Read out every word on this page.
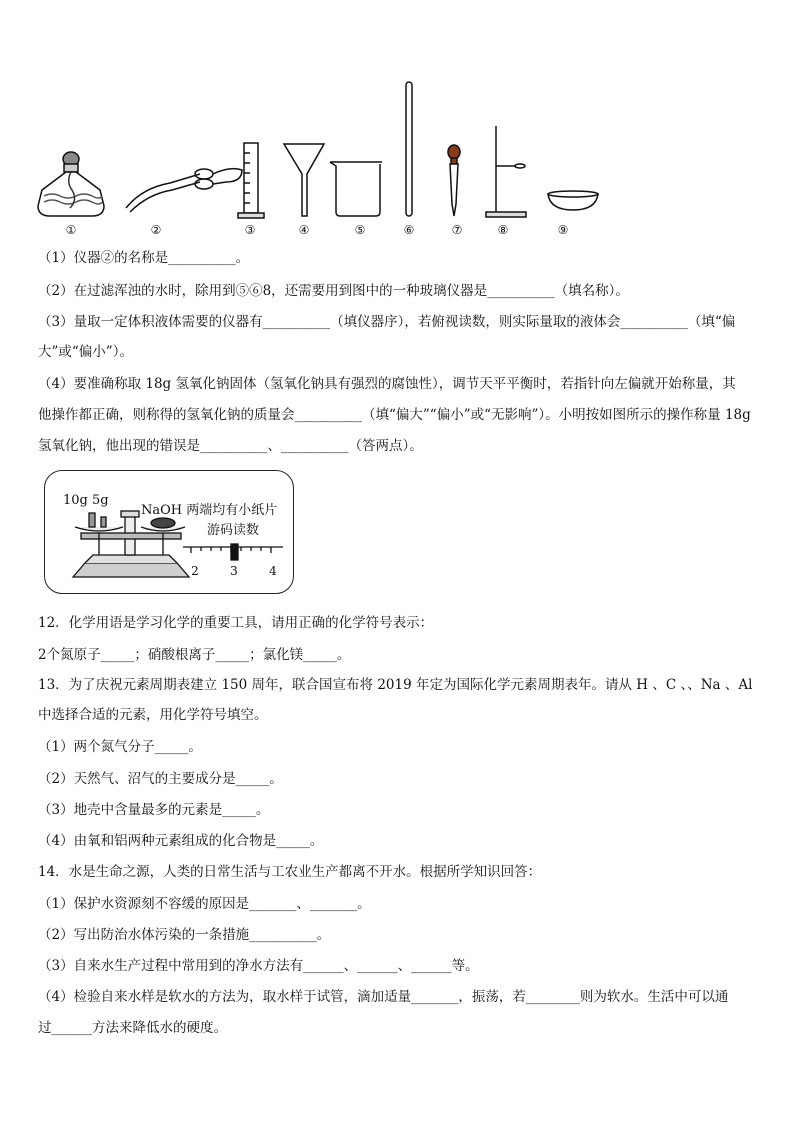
①	②	③	④	⑤	⑥	⑦	⑧	⑨

（1）仪器②的名称是__________。

（2）在过滤浑浊的水时，除用到⑤⑥8，还需要用到图中的一种玻璃仪器是__________（填名称）。

（3）量取一定体积液体需要的仪器有__________（填仪器序），若俯视读数，则实际量取的液体会__________（填“偏

大”或“偏小”）。

（4）要准确称取 18g 氢氧化钠固体（氢氧化钠具有强烈的腐蚀性），调节天平平衡时，若指针向左偏就开始称量，其

他操作都正确，则称得的氢氧化钠的质量会__________（填“偏大”“偏小”或“无影响”）。小明按如图所示的操作称量 18g

氢氧化钠，他出现的错误是__________、__________（答两点）。

10g 5g
NaOH 两端均有小纸片
游码读数
2	3	4

12．化学用语是学习化学的重要工具，请用正确的化学符号表示：

2个氮原子_____；硝酸根离子_____；氯化镁_____。

13．为了庆祝元素周期表建立 150 周年，联合国宣布将 2019 年定为国际化学元素周期表年。请从 H 、C 、、Na 、Al

中选择合适的元素，用化学符号填空。

（1）两个氮气分子_____。

（2）天然气、沼气的主要成分是_____。

（3）地壳中含量最多的元素是_____。

（4）由氧和铝两种元素组成的化合物是_____。

14．水是生命之源，人类的日常生活与工农业生产都离不开水。根据所学知识回答：

（1）保护水资源刻不容缓的原因是_______、_______。

（2）写出防治水体污染的一条措施__________。

（3）自来水生产过程中常用到的净水方法有______、______、______等。

（4）检验自来水样是软水的方法为，取水样于试管，滴加适量_______，振荡，若________则为软水。生活中可以通

过______方法来降低水的硬度。
